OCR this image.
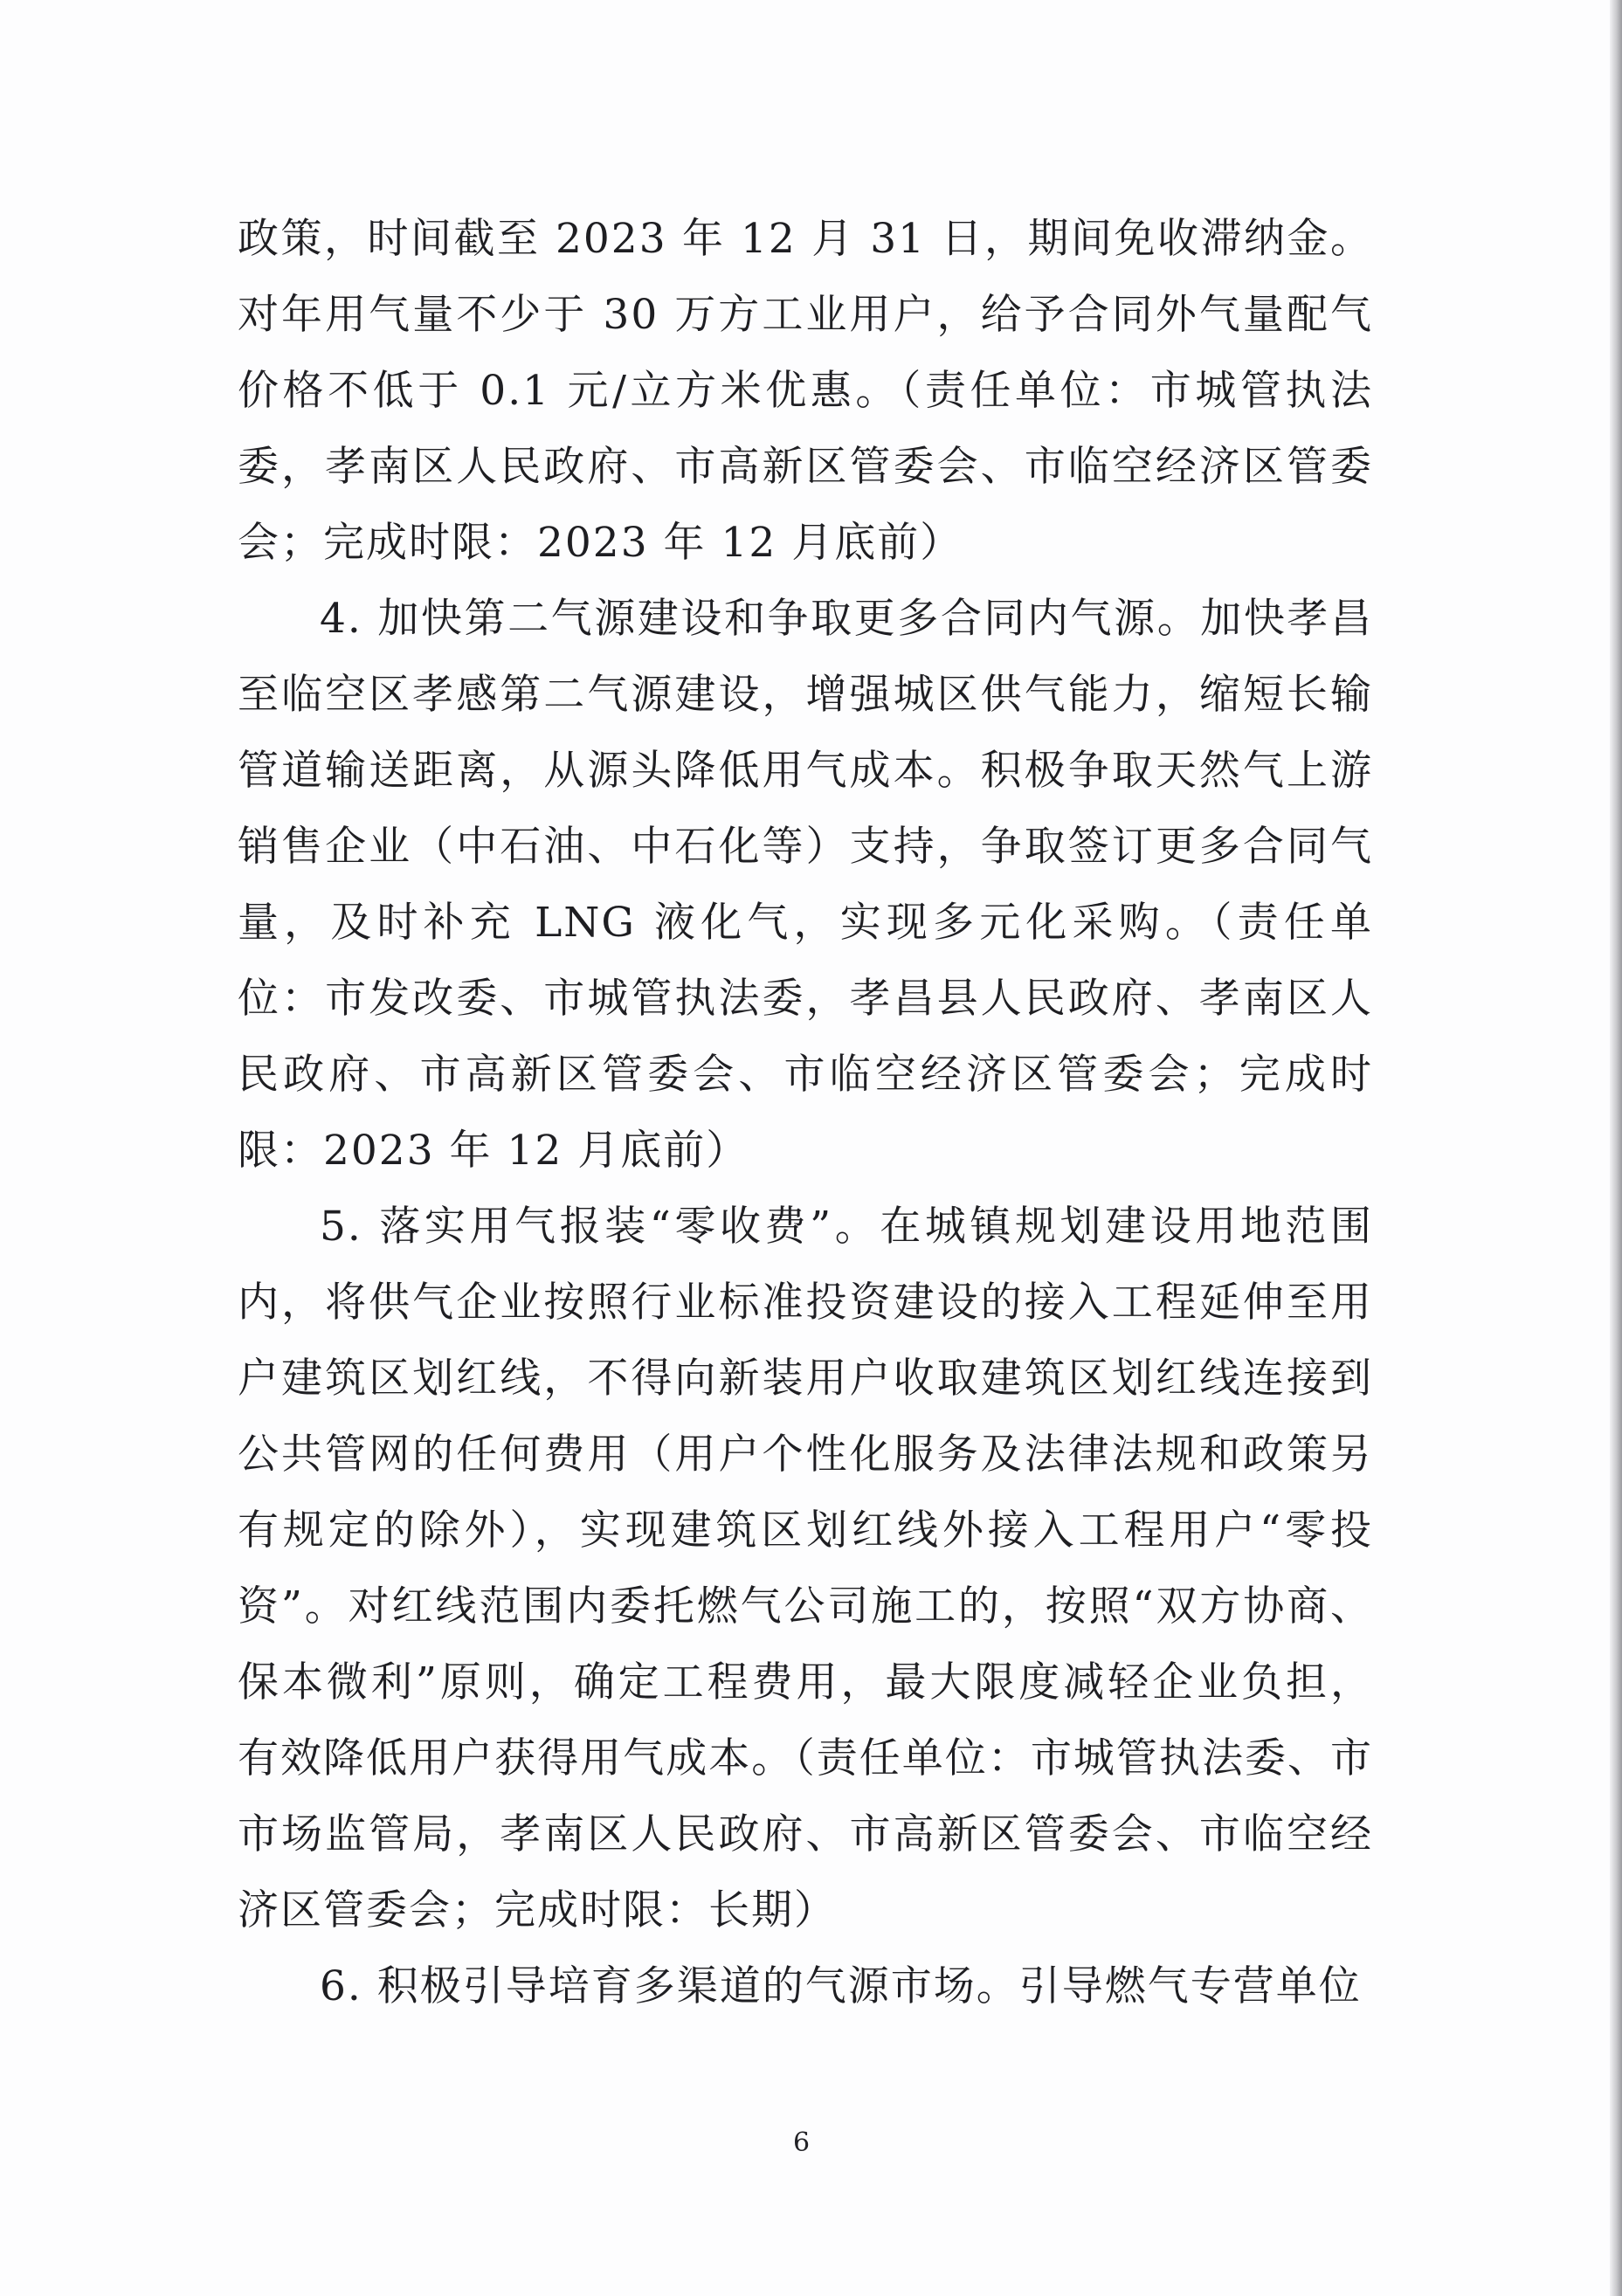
政策，时间截至 2023 年 12 月 31 日，期间免收滞纳金。对年用气量不少于 30 万方工业用户，给予合同外气量配气价格不低于 0.1 元/立方米优惠。（责任单位：市城管执法委，孝南区人民政府、市高新区管委会、市临空经济区管委会；完成时限：2023 年 12 月底前）

4. 加快第二气源建设和争取更多合同内气源。加快孝昌至临空区孝感第二气源建设，增强城区供气能力，缩短长输管道输送距离，从源头降低用气成本。积极争取天然气上游销售企业（中石油、中石化等）支持，争取签订更多合同气量，及时补充 LNG 液化气，实现多元化采购。（责任单位：市发改委、市城管执法委，孝昌县人民政府、孝南区人民政府、市高新区管委会、市临空经济区管委会；完成时限：2023 年 12 月底前）

5. 落实用气报装“零收费”。在城镇规划建设用地范围内，将供气企业按照行业标准投资建设的接入工程延伸至用户建筑区划红线，不得向新装用户收取建筑区划红线连接到公共管网的任何费用（用户个性化服务及法律法规和政策另有规定的除外），实现建筑区划红线外接入工程用户“零投资”。对红线范围内委托燃气公司施工的，按照“双方协商、保本微利”原则，确定工程费用，最大限度减轻企业负担，有效降低用户获得用气成本。（责任单位：市城管执法委、市市场监管局，孝南区人民政府、市高新区管委会、市临空经济区管委会；完成时限：长期）

6. 积极引导培育多渠道的气源市场。引导燃气专营单位

6
